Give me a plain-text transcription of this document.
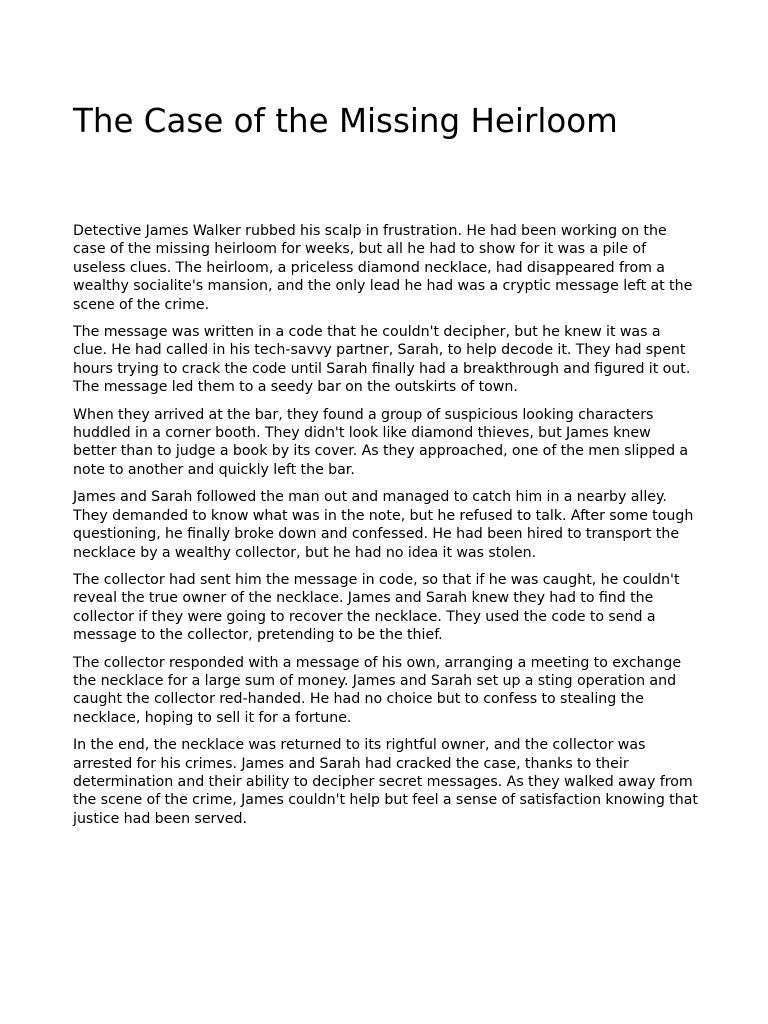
The Case of the Missing Heirloom

Detective James Walker rubbed his scalp in frustration. He had been working on the case of the missing heirloom for weeks, but all he had to show for it was a pile of useless clues. The heirloom, a priceless diamond necklace, had disappeared from a wealthy socialite's mansion, and the only lead he had was a cryptic message left at the scene of the crime.

The message was written in a code that he couldn't decipher, but he knew it was a clue. He had called in his tech-savvy partner, Sarah, to help decode it. They had spent hours trying to crack the code until Sarah finally had a breakthrough and figured it out. The message led them to a seedy bar on the outskirts of town.

When they arrived at the bar, they found a group of suspicious looking characters huddled in a corner booth. They didn't look like diamond thieves, but James knew better than to judge a book by its cover. As they approached, one of the men slipped a note to another and quickly left the bar.

James and Sarah followed the man out and managed to catch him in a nearby alley. They demanded to know what was in the note, but he refused to talk. After some tough questioning, he finally broke down and confessed. He had been hired to transport the necklace by a wealthy collector, but he had no idea it was stolen.

The collector had sent him the message in code, so that if he was caught, he couldn't reveal the true owner of the necklace. James and Sarah knew they had to find the collector if they were going to recover the necklace. They used the code to send a message to the collector, pretending to be the thief.

The collector responded with a message of his own, arranging a meeting to exchange the necklace for a large sum of money. James and Sarah set up a sting operation and caught the collector red-handed. He had no choice but to confess to stealing the necklace, hoping to sell it for a fortune.

In the end, the necklace was returned to its rightful owner, and the collector was arrested for his crimes. James and Sarah had cracked the case, thanks to their determination and their ability to decipher secret messages. As they walked away from the scene of the crime, James couldn't help but feel a sense of satisfaction knowing that justice had been served.
